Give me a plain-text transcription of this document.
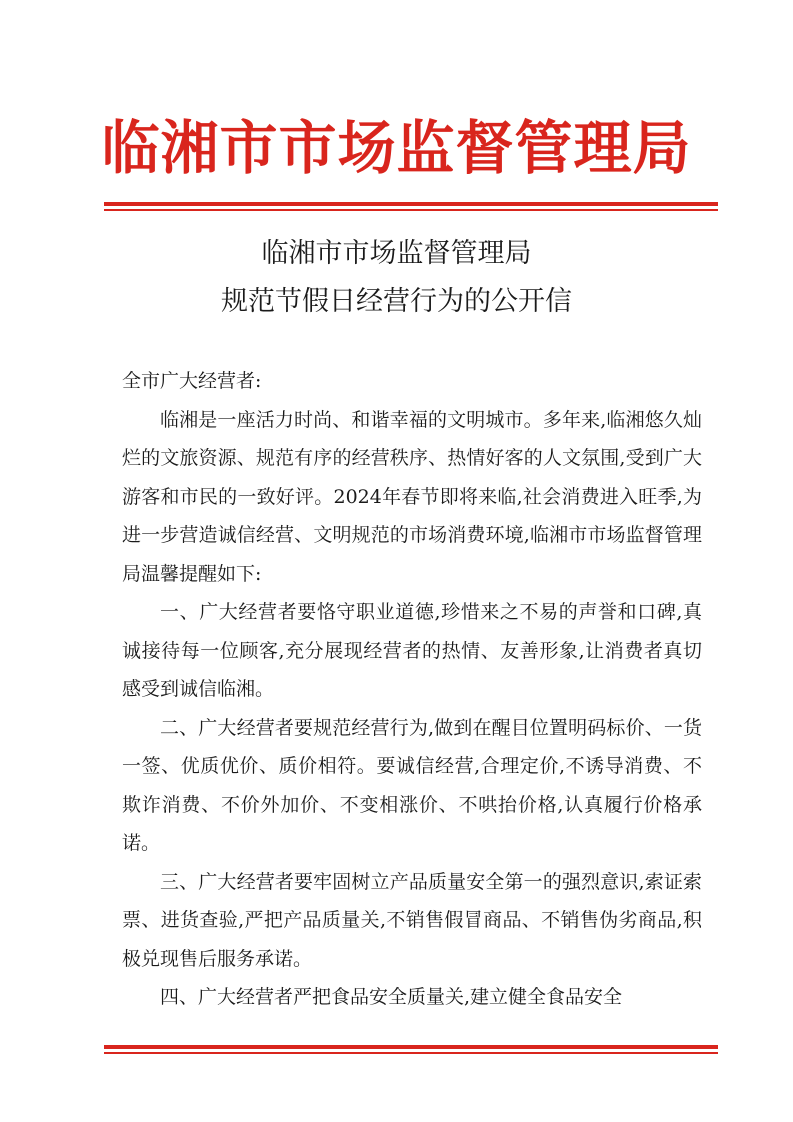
临湘市市场监督管理局
临湘市市场监督管理局
规范节假日经营行为的公开信

全市广大经营者:

临湘是一座活力时尚、和谐幸福的文明城市。多年来,临湘悠久灿烂的文旅资源、规范有序的经营秩序、热情好客的人文氛围,受到广大游客和市民的一致好评。2024年春节即将来临,社会消费进入旺季,为进一步营造诚信经营、文明规范的市场消费环境,临湘市市场监督管理局温馨提醒如下:

一、广大经营者要恪守职业道德,珍惜来之不易的声誉和口碑,真诚接待每一位顾客,充分展现经营者的热情、友善形象,让消费者真切感受到诚信临湘。

二、广大经营者要规范经营行为,做到在醒目位置明码标价、一货一签、优质优价、质价相符。要诚信经营,合理定价,不诱导消费、不欺诈消费、不价外加价、不变相涨价、不哄抬价格,认真履行价格承诺。

三、广大经营者要牢固树立产品质量安全第一的强烈意识,索证索票、进货查验,严把产品质量关,不销售假冒商品、不销售伪劣商品,积极兑现售后服务承诺。

四、广大经营者严把食品安全质量关,建立健全食品安全
